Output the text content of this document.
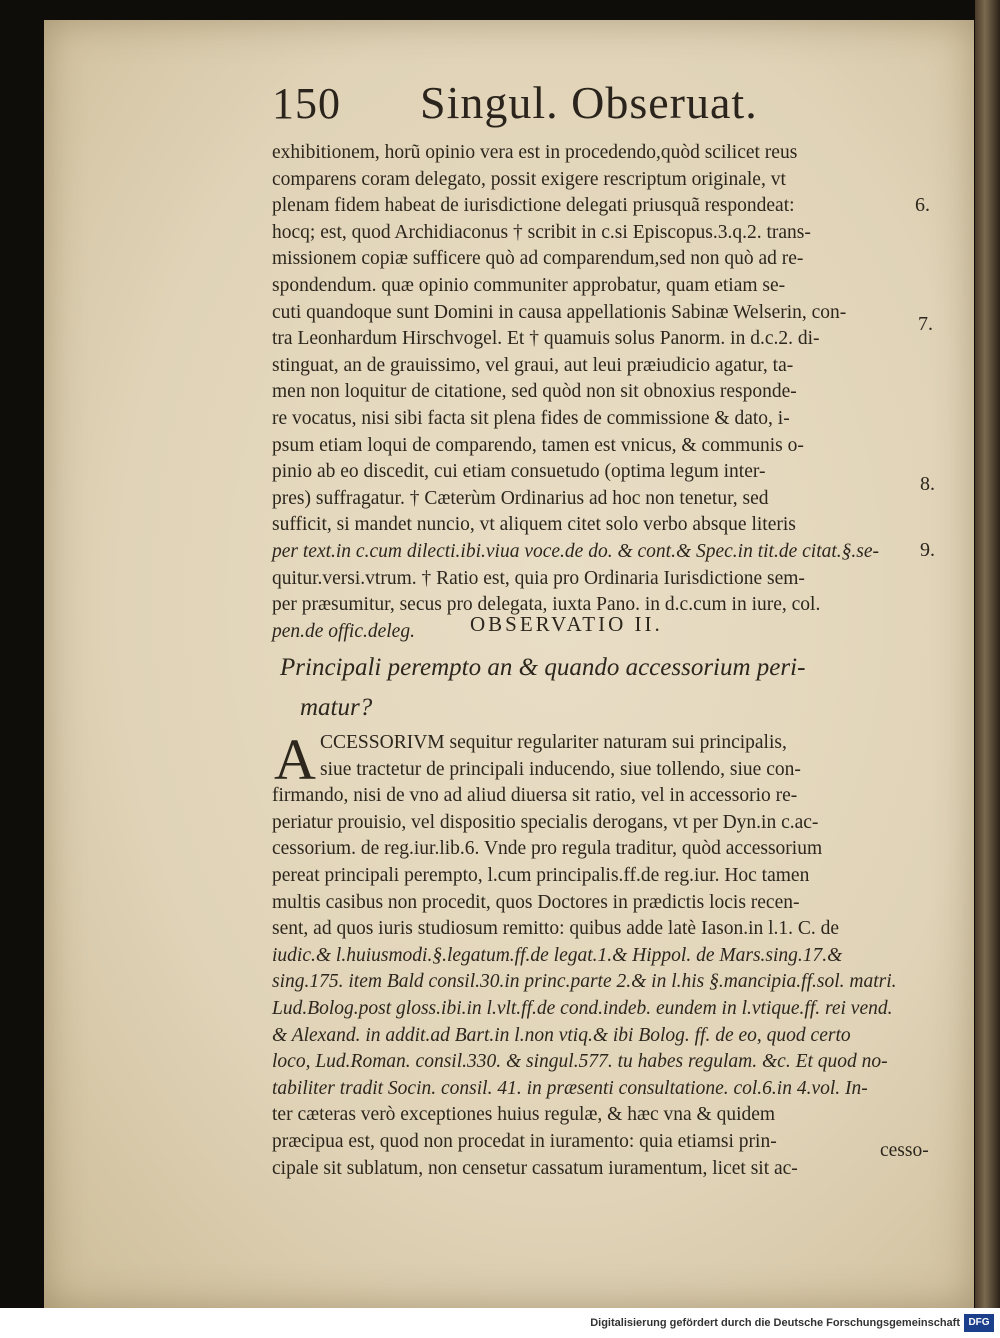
150 Singul. Obseruat.
exhibitionem, horũ opinio vera est in procedendo,quòd scilicet reus
comparens coram delegato, possit exigere rescriptum originale, vt
plenam fidem habeat de iurisdictione delegati priusquã respondeat:
hocq; est, quod Archidiaconus † scribit in c.si Episcopus.3.q.2. trans-
missionem copiæ sufficere quò ad comparendum,sed non quò ad re-
spondendum. quæ opinio communiter approbatur, quam etiam se-
cuti quandoque sunt Domini in causa appellationis Sabinæ Welserin, con-
tra Leonhardum Hirschvogel. Et † quamuis solus Panorm. in d.c.2. di-
stinguat, an de grauissimo, vel graui, aut leui præiudicio agatur, ta-
men non loquitur de citatione, sed quòd non sit obnoxius responde-
re vocatus, nisi sibi facta sit plena fides de commissione & dato, i-
psum etiam loqui de comparendo, tamen est vnicus, & communis o-
pinio ab eo discedit, cui etiam consuetudo (optima legum inter-
pres) suffragatur. † Cæterùm Ordinarius ad hoc non tenetur, sed
sufficit, si mandet nuncio, vt aliquem citet solo verbo absque literis
per text.in c.cum dilecti.ibi.viua voce.de do. & cont.& Spec.in tit.de citat.§.se-
quitur.versi.vtrum. † Ratio est, quia pro Ordinaria Iurisdictione sem-
per præsumitur, secus pro delegata, iuxta Pano. in d.c.cum in iure, col.
pen.de offic.deleg.
6.
7.
8.
9.
OBSERVATIO II.
Principali perempto an & quando accessorium peri-
matur?
A CCESSORIVM sequitur regulariter naturam sui principalis,
siue tractetur de principali inducendo, siue tollendo, siue con-
firmando, nisi de vno ad aliud diuersa sit ratio, vel in accessorio re-
periatur prouisio, vel dispositio specialis derogans, vt per Dyn.in c.ac-
cessorium. de reg.iur.lib.6. Vnde pro regula traditur, quòd accessorium
pereat principali perempto, l.cum principalis.ff.de reg.iur. Hoc tamen
multis casibus non procedit, quos Doctores in prædictis locis recen-
sent, ad quos iuris studiosum remitto: quibus adde latè Iason.in l.1. C. de
iudic.& l.huiusmodi.§.legatum.ff.de legat.1.& Hippol. de Mars.sing.17.&
sing.175. item Bald consil.30.in princ.parte 2.& in l.his §.mancipia.ff.sol. matri.
Lud.Bolog.post gloss.ibi.in l.vlt.ff.de cond.indeb. eundem in l.vtique.ff. rei vend.
& Alexand. in addit.ad Bart.in l.non vtiq.& ibi Bolog. ff. de eo, quod certo
loco, Lud.Roman. consil.330. & singul.577. tu habes regulam. &c. Et quod no-
tabiliter tradit Socin. consil. 41. in præsenti consultatione. col.6.in 4.vol. In-
ter cæteras verò exceptiones huius regulæ, & hæc vna & quidem
præcipua est, quod non procedat in iuramento: quia etiamsi prin-
cipale sit sublatum, non censetur cassatum iuramentum, licet sit ac-
cesso-
Digitalisierung gefördert durch die Deutsche Forschungsgemeinschaft DFG
